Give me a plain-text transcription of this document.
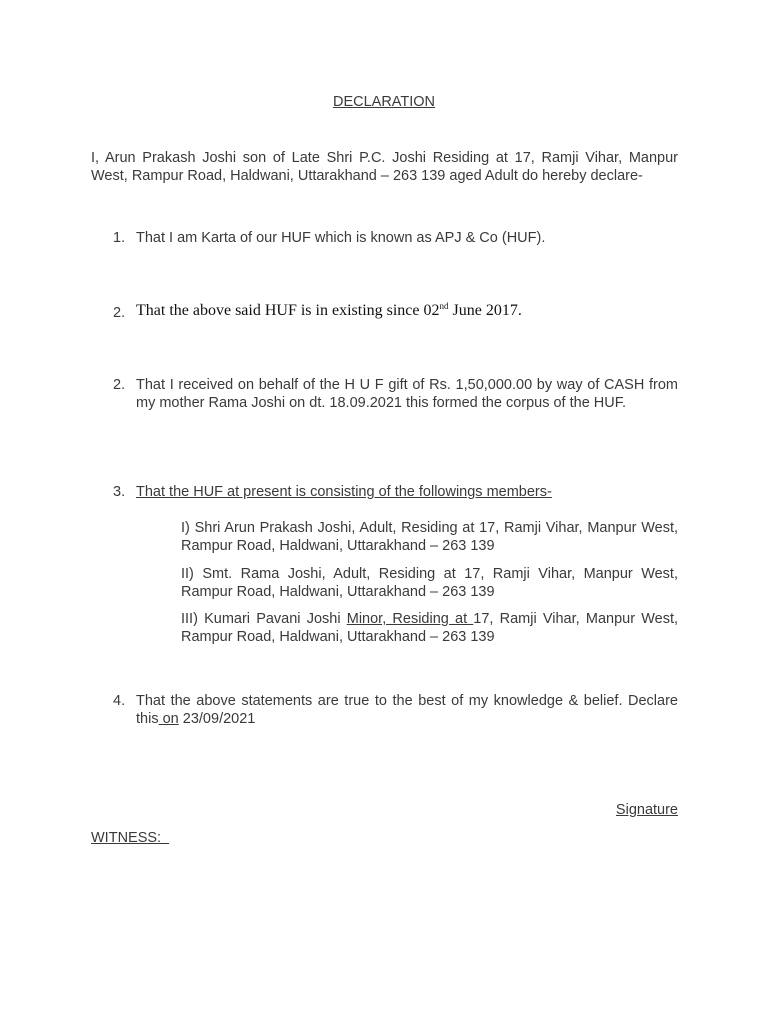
DECLARATION
I, Arun Prakash Joshi son of Late Shri P.C. Joshi Residing at 17, Ramji Vihar, Manpur West, Rampur Road, Haldwani, Uttarakhand – 263 139 aged Adult do hereby declare-
1. That I am Karta of our HUF which is known as APJ & Co (HUF).
2. That the above said HUF is in existing since 02nd June 2017.
2. That I received on behalf of the H U F gift of Rs. 1,50,000.00 by way of CASH from my mother Rama Joshi on dt. 18.09.2021 this formed the corpus of the HUF.
3. That the HUF at present is consisting of the followings members-
I) Shri Arun Prakash Joshi, Adult, Residing at 17, Ramji Vihar, Manpur West, Rampur Road, Haldwani, Uttarakhand – 263 139
II) Smt. Rama Joshi, Adult, Residing at 17, Ramji Vihar, Manpur West, Rampur Road, Haldwani, Uttarakhand – 263 139
III) Kumari Pavani Joshi Minor, Residing at 17, Ramji Vihar, Manpur West, Rampur Road, Haldwani, Uttarakhand – 263 139
4. That the above statements are true to the best of my knowledge & belief. Declare this on 23/09/2021
Signature
WITNESS:
